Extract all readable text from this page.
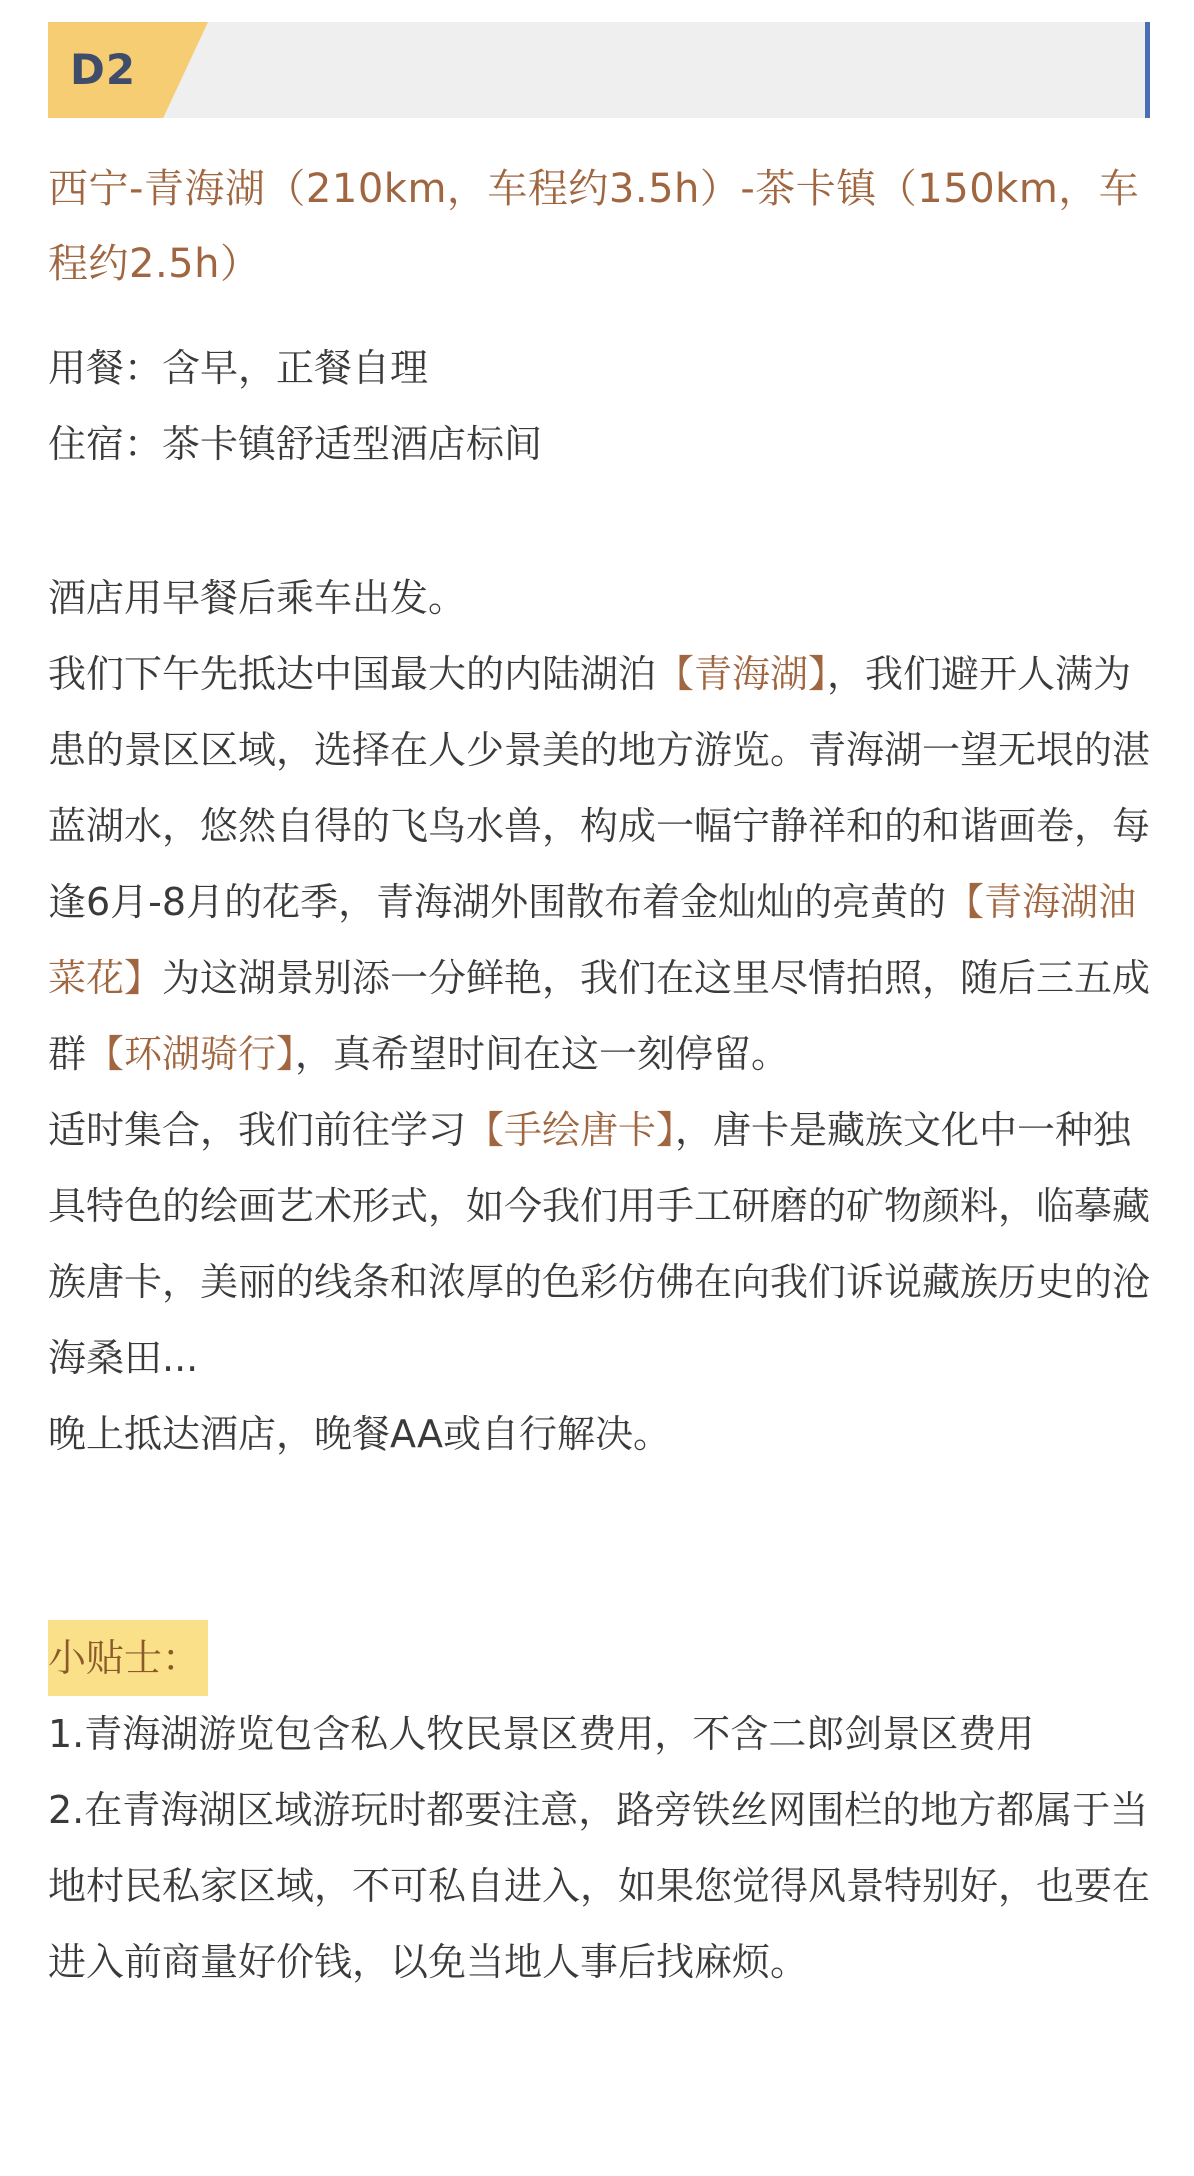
D2
西宁-青海湖（210km，车程约3.5h）-茶卡镇（150km，车程约2.5h）

用餐：含早，正餐自理

住宿：茶卡镇舒适型酒店标间

酒店用早餐后乘车出发。

我们下午先抵达中国最大的内陆湖泊【青海湖】，我们避开人满为患的景区区域，选择在人少景美的地方游览。青海湖一望无垠的湛蓝湖水，悠然自得的飞鸟水兽，构成一幅宁静祥和的和谐画卷，每逢6月-8月的花季，青海湖外围散布着金灿灿的亮黄的【青海湖油菜花】为这湖景别添一分鲜艳，我们在这里尽情拍照，随后三五成群【环湖骑行】，真希望时间在这一刻停留。

适时集合，我们前往学习【手绘唐卡】，唐卡是藏族文化中一种独具特色的绘画艺术形式，如今我们用手工研磨的矿物颜料，临摹藏族唐卡，美丽的线条和浓厚的色彩仿佛在向我们诉说藏族历史的沧海桑田...

晚上抵达酒店，晚餐AA或自行解决。

小贴士：

1.青海湖游览包含私人牧民景区费用，不含二郎剑景区费用

2.在青海湖区域游玩时都要注意，路旁铁丝网围栏的地方都属于当地村民私家区域，不可私自进入，如果您觉得风景特别好，也要在进入前商量好价钱，以免当地人事后找麻烦。
